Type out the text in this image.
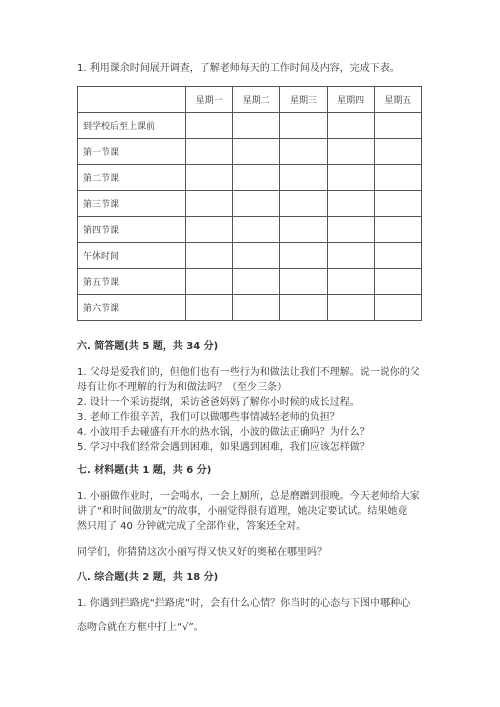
1. 利用课余时间展开调查，了解老师每天的工作时间及内容，完成下表。
	星期一	星期二	星期三	星期四	星期五
到学校后至上课前					
第一节课					
第二节课					
第三节课					
第四节课					
午休时间					
第五节课					
第六节课					
六. 简答题(共 5 题，共 34 分)
1. 父母是爱我们的，但他们也有一些行为和做法让我们不理解。说一说你的父
母有让你不理解的行为和做法吗？（至少三条）
2. 设计一个采访提纲，采访爸爸妈妈了解你小时候的成长过程。
3. 老师工作很辛苦，我们可以做哪些事情减轻老师的负担？
4. 小波用手去碰盛有开水的热水锅，小波的做法正确吗？为什么？
5. 学习中我们经常会遇到困难，如果遇到困难，我们应该怎样做？
七. 材料题(共 1 题，共 6 分)
1. 小丽做作业时，一会喝水，一会上厕所，总是磨蹭到很晚。今天老师给大家
讲了“和时间做朋友”的故事，小丽觉得很有道理，她决定要试试。结果她竟
然只用了 40 分钟就完成了全部作业，答案还全对。
同学们，你猜猜这次小丽写得又快又好的奥秘在哪里吗？
八. 综合题(共 2 题，共 18 分)
1. 你遇到拦路虎“拦路虎”时，会有什么心情？你当时的心态与下图中哪种心
态吻合就在方框中打上“√”。
